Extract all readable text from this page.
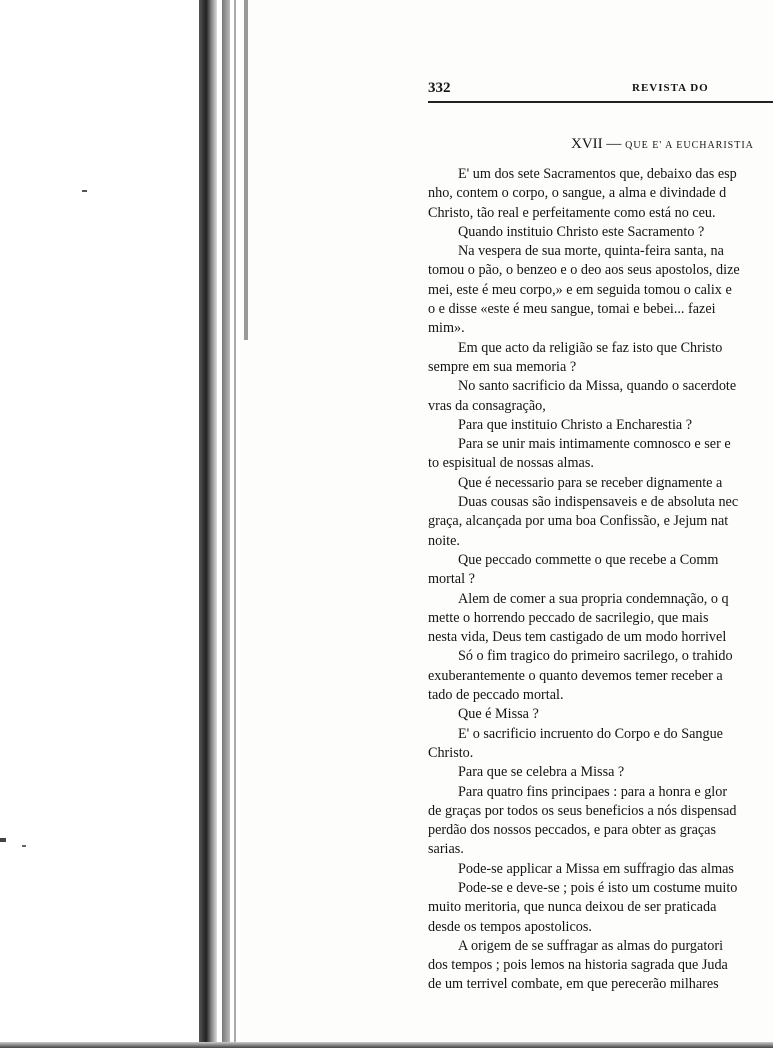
332	REVISTA DO
XVII — QUE E' A EUCHARISTIA

E' um dos sete Sacramentos que, debaixo das esp

nho, contem o corpo, o sangue, a alma e divindade d

Christo, tão real e perfeitamente como está no ceu.

Quando instituio Christo este Sacramento ?

Na vespera de sua morte, quinta-feira santa, na

tomou o pão, o benzeo e o deo aos seus apostolos, dize

mei, este é meu corpo,» e em seguida tomou o calix e

o e disse «este é meu sangue, tomai e bebei... fazei

mim».

Em que acto da religião se faz isto que Christo

sempre em sua memoria ?

No santo sacrificio da Missa, quando o sacerdote

vras da consagração,

Para que instituio Christo a Encharestia ?

Para se unir mais intimamente comnosco e ser e

to espisitual de nossas almas.

Que é necessario para se receber dignamente a

Duas cousas são indispensaveis e de absoluta nec

graça, alcançada por uma boa Confissão, e Jejum nat

noite.

Que peccado commette o que recebe a Comm

mortal ?

Alem de comer a sua propria condemnação, o q

mette o horrendo peccado de sacrilegio, que mais

nesta vida, Deus tem castigado de um modo horrivel

Só o fim tragico do primeiro sacrilego, o trahido

exuberantemente o quanto devemos temer receber a

tado de peccado mortal.

Que é Missa ?

E' o sacrificio incruento do Corpo e do Sangue

Christo.

Para que se celebra a Missa ?

Para quatro fins principaes : para a honra e glor

de graças por todos os seus beneficios a nós dispensad

perdão dos nossos peccados, e para obter as graças

sarias.

Pode-se applicar a Missa em suffragio das almas

Pode-se e deve-se ; pois é isto um costume muito

muito meritoria, que nunca deixou de ser praticada

desde os tempos apostolicos.

A origem de se suffragar as almas do purgatori

dos tempos ; pois lemos na historia sagrada que Juda

de um terrivel combate, em que perecerão milhares
